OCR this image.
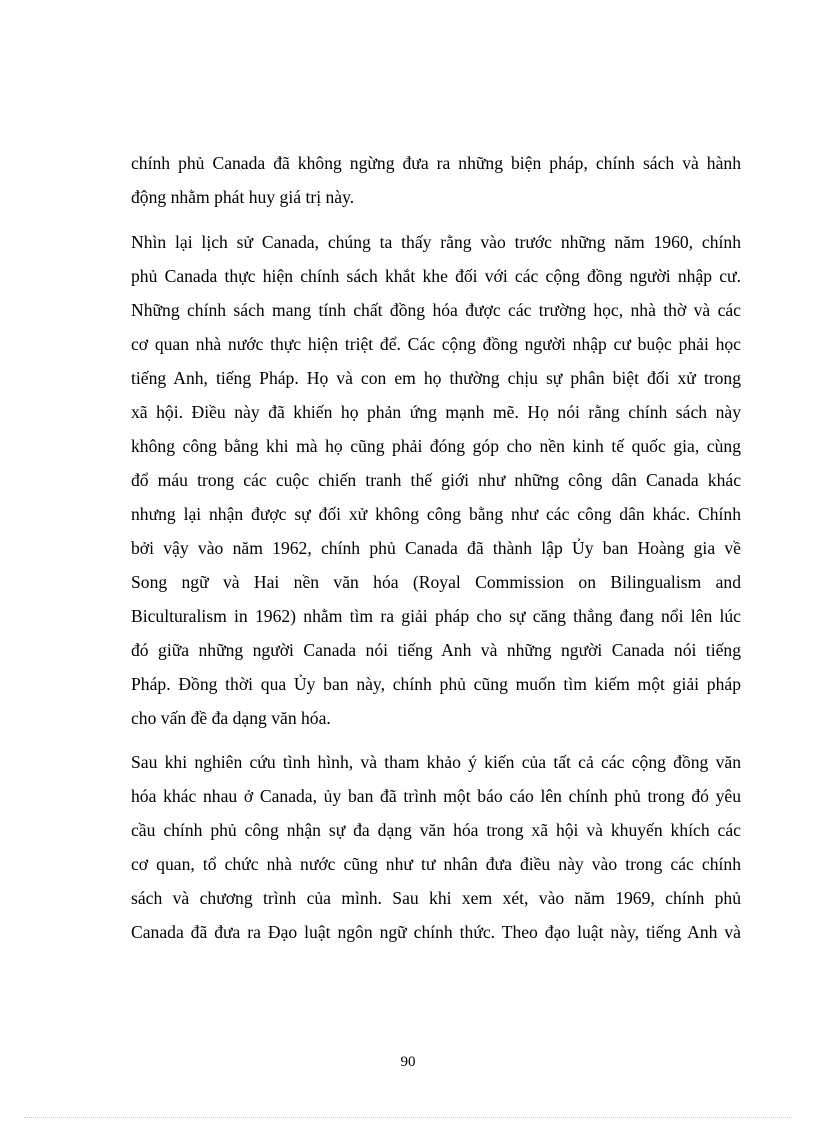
chính phủ Canada đã không ngừng đưa ra những biện pháp, chính sách và hành

động nhằm phát huy giá trị này.

Nhìn lại lịch sử Canada, chúng ta thấy rằng vào trước những năm 1960, chính

phủ Canada thực hiện chính sách khắt khe đối với các cộng đồng người nhập cư.

Những chính sách mang tính chất đồng hóa được các trường học, nhà thờ và các

cơ quan nhà nước thực hiện triệt để. Các cộng đồng người nhập cư buộc phải học

tiếng Anh, tiếng Pháp. Họ và con em họ thường chịu sự phân biệt đối xử trong

xã hội. Điều này đã khiến họ phản ứng mạnh mẽ. Họ nói rằng chính sách này

không công bằng khi mà họ cũng phải đóng góp cho nền kinh tế quốc gia, cùng

đổ máu trong các cuộc chiến tranh thế giới như những công dân Canada khác

nhưng lại nhận được sự đối xử không công bằng như các công dân khác. Chính

bởi vậy vào năm 1962, chính phủ Canada đã thành lập Ủy ban Hoàng gia về

Song ngữ và Hai nền văn hóa (Royal Commission on Bilingualism and

Biculturalism in 1962) nhằm tìm ra giải pháp cho sự căng thẳng đang nổi lên lúc

đó giữa những người Canada nói tiếng Anh và những người Canada nói tiếng

Pháp. Đồng thời qua Ủy ban này, chính phủ cũng muốn tìm kiếm một giải pháp

cho vấn đề đa dạng văn hóa.

Sau khi nghiên cứu tình hình, và tham khảo ý kiến của tất cả các cộng đồng văn

hóa khác nhau ở Canada, ủy ban đã trình một báo cáo lên chính phủ trong đó yêu

cầu chính phủ công nhận sự đa dạng văn hóa trong xã hội và khuyến khích các

cơ quan, tổ chức nhà nước cũng như tư nhân đưa điều này vào trong các chính

sách và chương trình của mình. Sau khi xem xét, vào năm 1969, chính phủ

Canada đã đưa ra Đạo luật ngôn ngữ chính thức. Theo đạo luật này, tiếng Anh và

90
